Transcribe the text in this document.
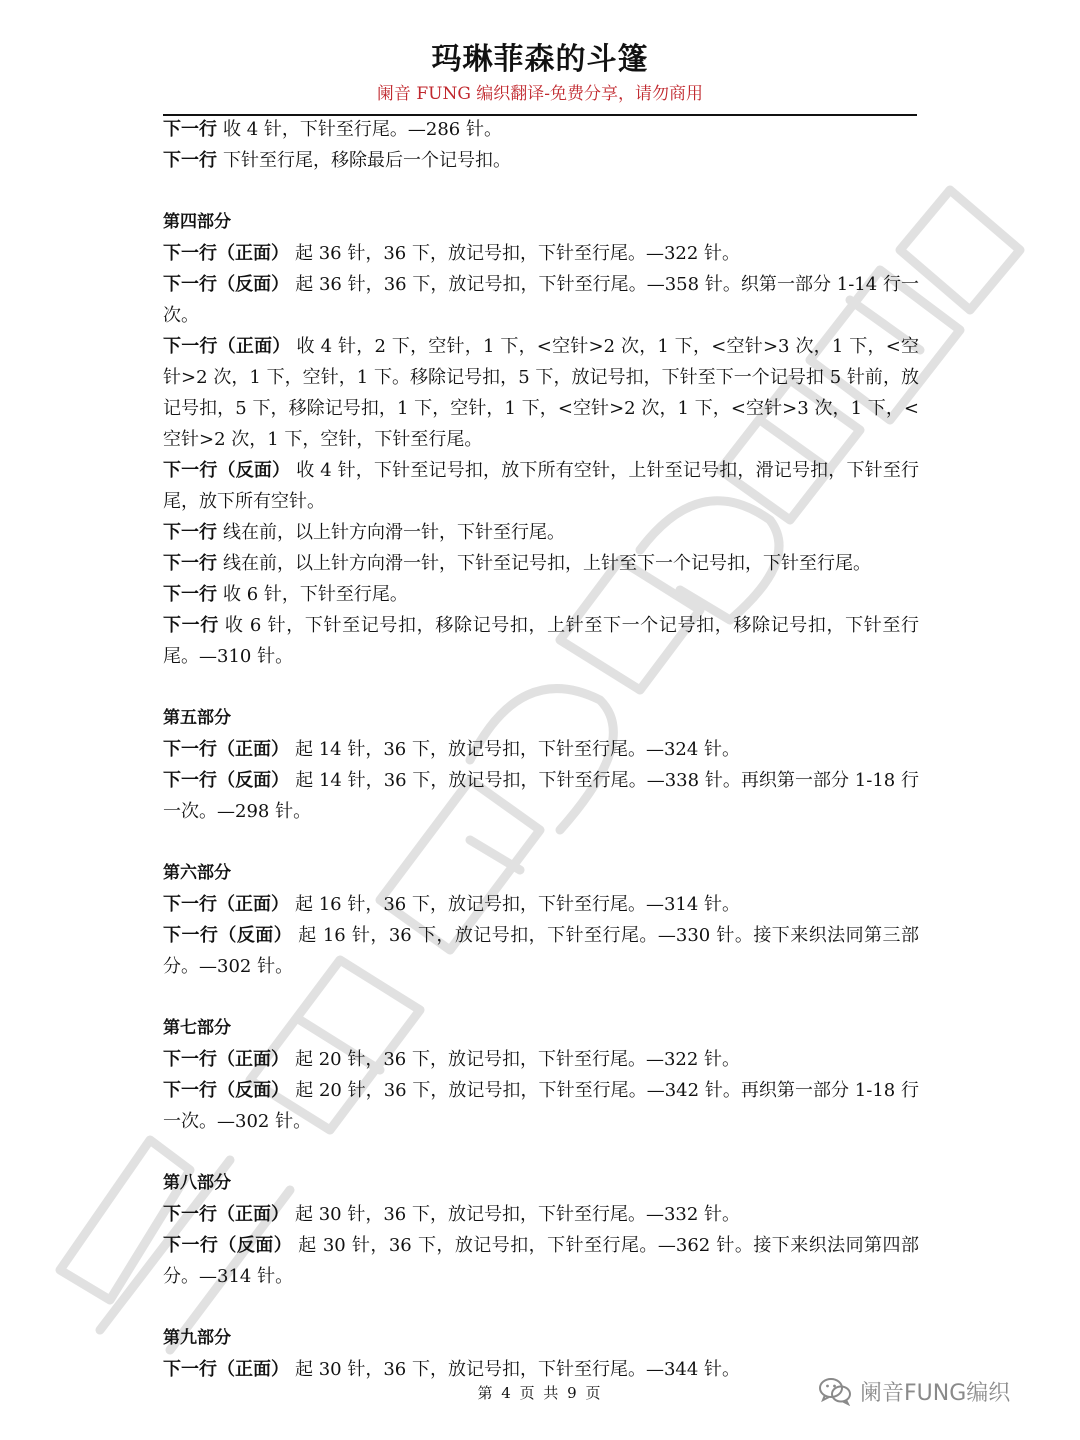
玛琳菲森的斗篷
阑音 FUNG 编织翻译-免费分享，请勿商用

下一行 收 4 针，下针至行尾。—286 针。

下一行 下针至行尾，移除最后一个记号扣。

第四部分

下一行（正面） 起 36 针，36 下，放记号扣，下针至行尾。—322 针。

下一行（反面） 起 36 针，36 下，放记号扣，下针至行尾。—358 针。织第一部分 1-14 行一次。

下一行（正面） 收 4 针，2 下，空针，1 下，<空针>2 次，1 下，<空针>3 次，1 下，<空针>2 次，1 下，空针，1 下。移除记号扣，5 下，放记号扣，下针至下一个记号扣 5 针前，放记号扣，5 下，移除记号扣，1 下，空针，1 下，<空针>2 次，1 下，<空针>3 次，1 下，<空针>2 次，1 下，空针，下针至行尾。

下一行（反面） 收 4 针，下针至记号扣，放下所有空针，上针至记号扣，滑记号扣，下针至行尾，放下所有空针。

下一行 线在前，以上针方向滑一针，下针至行尾。

下一行 线在前，以上针方向滑一针，下针至记号扣，上针至下一个记号扣，下针至行尾。

下一行 收 6 针，下针至行尾。

下一行 收 6 针，下针至记号扣，移除记号扣，上针至下一个记号扣，移除记号扣，下针至行尾。—310 针。

第五部分

下一行（正面） 起 14 针，36 下，放记号扣，下针至行尾。—324 针。

下一行（反面） 起 14 针，36 下，放记号扣，下针至行尾。—338 针。再织第一部分 1-18 行一次。—298 针。

第六部分

下一行（正面） 起 16 针，36 下，放记号扣，下针至行尾。—314 针。

下一行（反面） 起 16 针，36 下，放记号扣，下针至行尾。—330 针。接下来织法同第三部分。—302 针。

第七部分

下一行（正面） 起 20 针，36 下，放记号扣，下针至行尾。—322 针。

下一行（反面） 起 20 针，36 下，放记号扣，下针至行尾。—342 针。再织第一部分 1-18 行一次。—302 针。

第八部分

下一行（正面） 起 30 针，36 下，放记号扣，下针至行尾。—332 针。

下一行（反面） 起 30 针，36 下，放记号扣，下针至行尾。—362 针。接下来织法同第四部分。—314 针。

第九部分

下一行（正面） 起 30 针，36 下，放记号扣，下针至行尾。—344 针。

第 4 页 共 9 页	阑音FUNG编织
